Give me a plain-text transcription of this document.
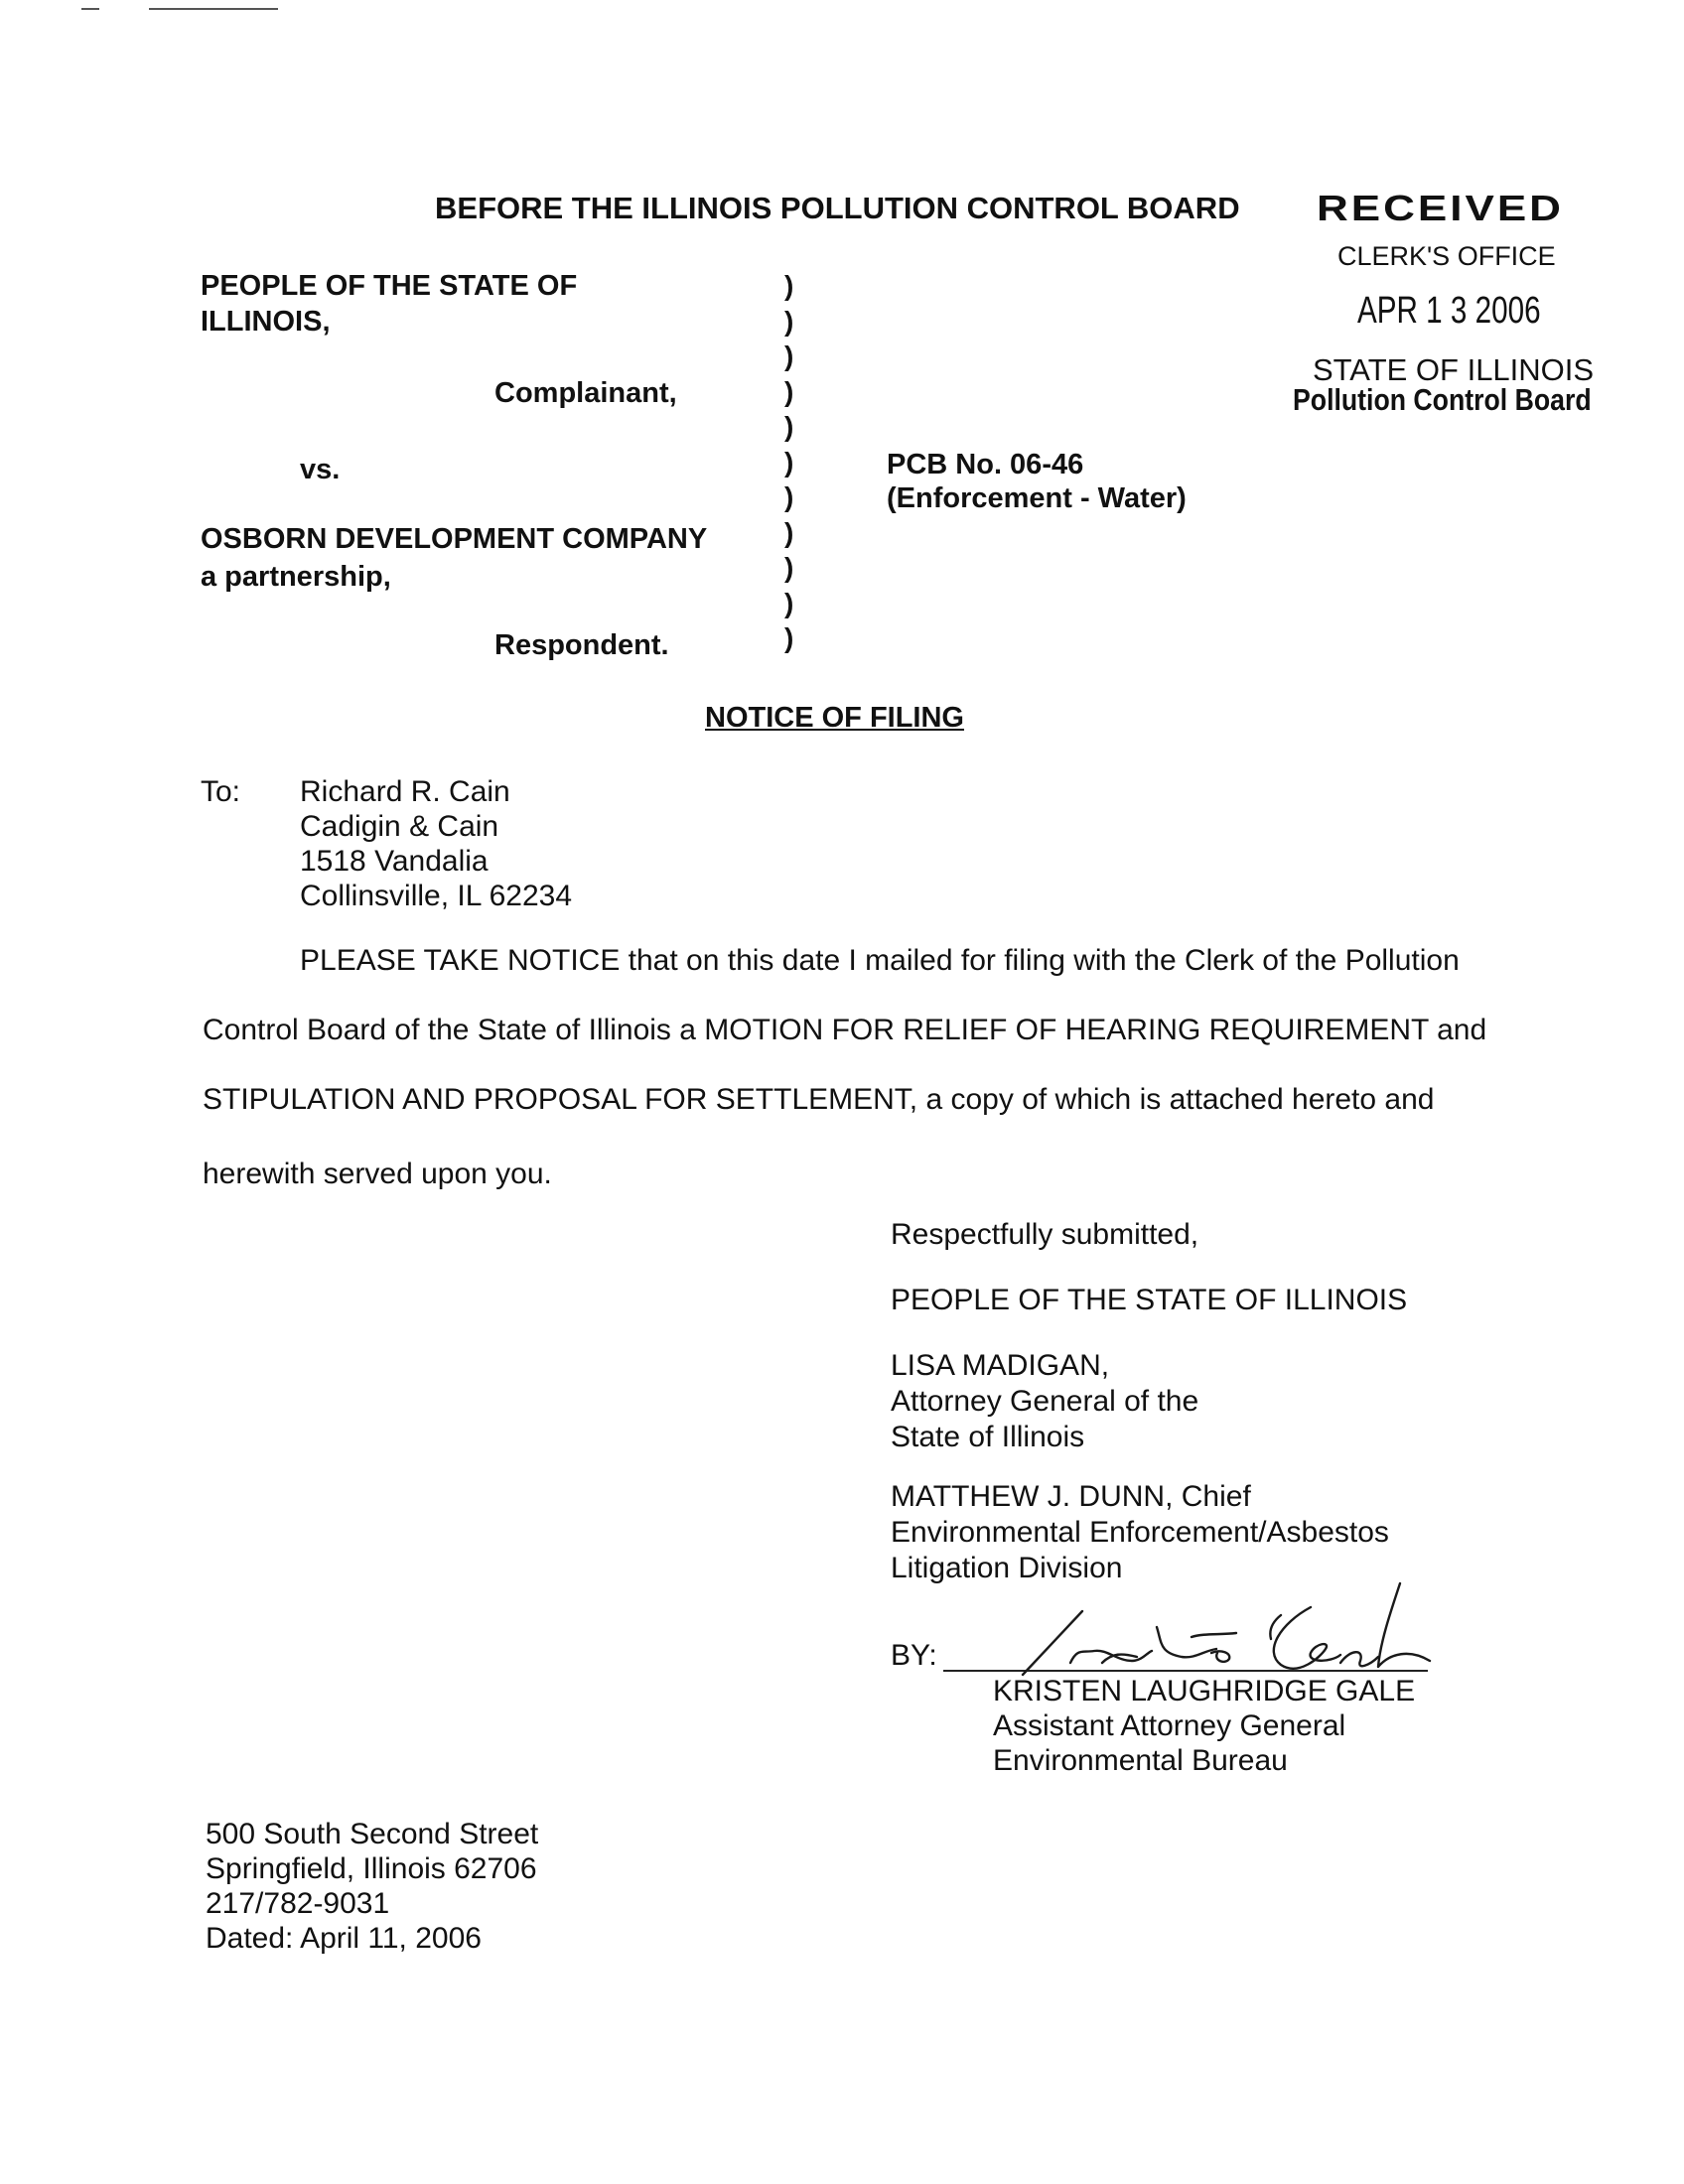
BEFORE THE ILLINOIS POLLUTION CONTROL BOARD RECEIVED
CLERK'S OFFICE
APR 1 3 2006
STATE OF ILLINOIS
Pollution Control Board
PEOPLE OF THE STATE OF ILLINOIS,
Complainant,
vs.
OSBORN DEVELOPMENT COMPANY
a partnership,
Respondent.
)
)
)
)
)
)
)
)
)
)
)
PCB No. 06-46
(Enforcement - Water)
NOTICE OF FILING
To: Richard R. Cain
Cadigin & Cain
1518 Vandalia
Collinsville, IL 62234
PLEASE TAKE NOTICE that on this date I mailed for filing with the Clerk of the Pollution
Control Board of the State of Illinois a MOTION FOR RELIEF OF HEARING REQUIREMENT and
STIPULATION AND PROPOSAL FOR SETTLEMENT, a copy of which is attached hereto and
herewith served upon you.
Respectfully submitted,
PEOPLE OF THE STATE OF ILLINOIS
LISA MADIGAN,
Attorney General of the
State of Illinois
MATTHEW J. DUNN, Chief
Environmental Enforcement/Asbestos
Litigation Division
BY:
KRISTEN LAUGHRIDGE GALE
Assistant Attorney General
Environmental Bureau
500 South Second Street
Springfield, Illinois 62706
217/782-9031
Dated: April 11, 2006
